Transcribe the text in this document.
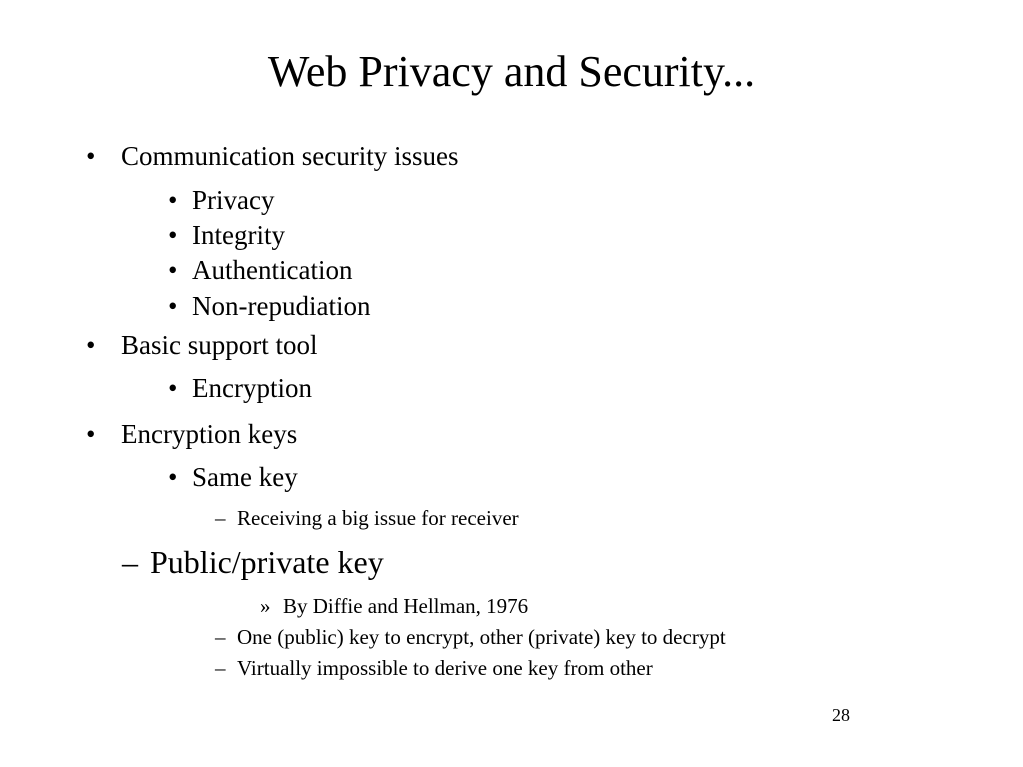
Web Privacy and Security...
• Communication security issues
• Privacy
• Integrity
• Authentication
• Non-repudiation
• Basic support tool
• Encryption
• Encryption keys
• Same key
– Receiving a big issue for receiver
– Public/private key
» By Diffie and Hellman, 1976
– One (public) key to encrypt, other (private) key to decrypt
– Virtually impossible to derive one key from other
28
